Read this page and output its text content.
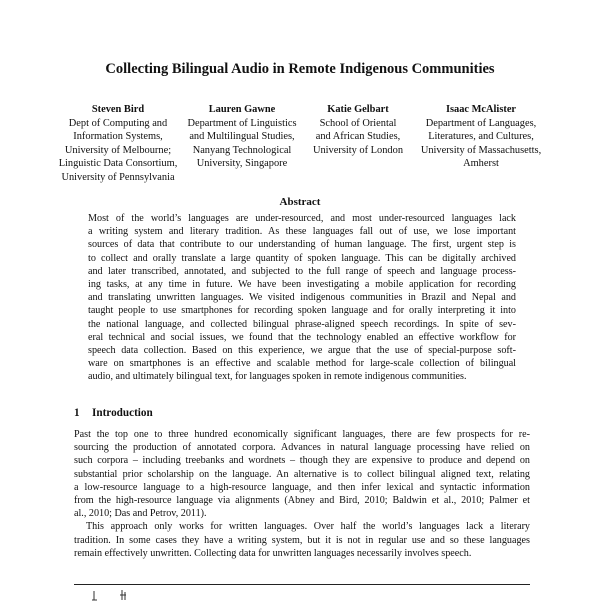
Collecting Bilingual Audio in Remote Indigenous Communities
Steven Bird
Dept of Computing and
Information Systems,
University of Melbourne;
Linguistic Data Consortium,
University of Pennsylvania
Lauren Gawne
Department of Linguistics
and Multilingual Studies,
Nanyang Technological
University, Singapore
Katie Gelbart
School of Oriental
and African Studies,
University of London
Isaac McAlister
Department of Languages,
Literatures, and Cultures,
University of Massachusetts,
Amherst
Abstract
Most of the world’s languages are under-resourced, and most under-resourced languages lack
a writing system and literary tradition. As these languages fall out of use, we lose important
sources of data that contribute to our understanding of human language. The first, urgent step is
to collect and orally translate a large quantity of spoken language. This can be digitally archived
and later transcribed, annotated, and subjected to the full range of speech and language process-
ing tasks, at any time in future. We have been investigating a mobile application for recording
and translating unwritten languages. We visited indigenous communities in Brazil and Nepal and
taught people to use smartphones for recording spoken language and for orally interpreting it into
the national language, and collected bilingual phrase-aligned speech recordings. In spite of sev-
eral technical and social issues, we found that the technology enabled an effective workflow for
speech data collection. Based on this experience, we argue that the use of special-purpose soft-
ware on smartphones is an effective and scalable method for large-scale collection of bilingual
audio, and ultimately bilingual text, for languages spoken in remote indigenous communities.
1 Introduction
Past the top one to three hundred economically significant languages, there are few prospects for re-
sourcing the production of annotated corpora. Advances in natural language processing have relied on
such corpora – including treebanks and wordnets – though they are expensive to produce and depend on
substantial prior scholarship on the language. An alternative is to collect bilingual aligned text, relating
a low-resource language to a high-resource language, and then infer lexical and syntactic information
from the high-resource language via alignments (Abney and Bird, 2010; Baldwin et al., 2010; Palmer et
al., 2010; Das and Petrov, 2011).
This approach only works for written languages. Over half the world’s languages lack a literary
tradition. In some cases they have a writing system, but it is not in regular use and so these languages
remain effectively unwritten. Collecting data for unwritten languages necessarily involves speech.
